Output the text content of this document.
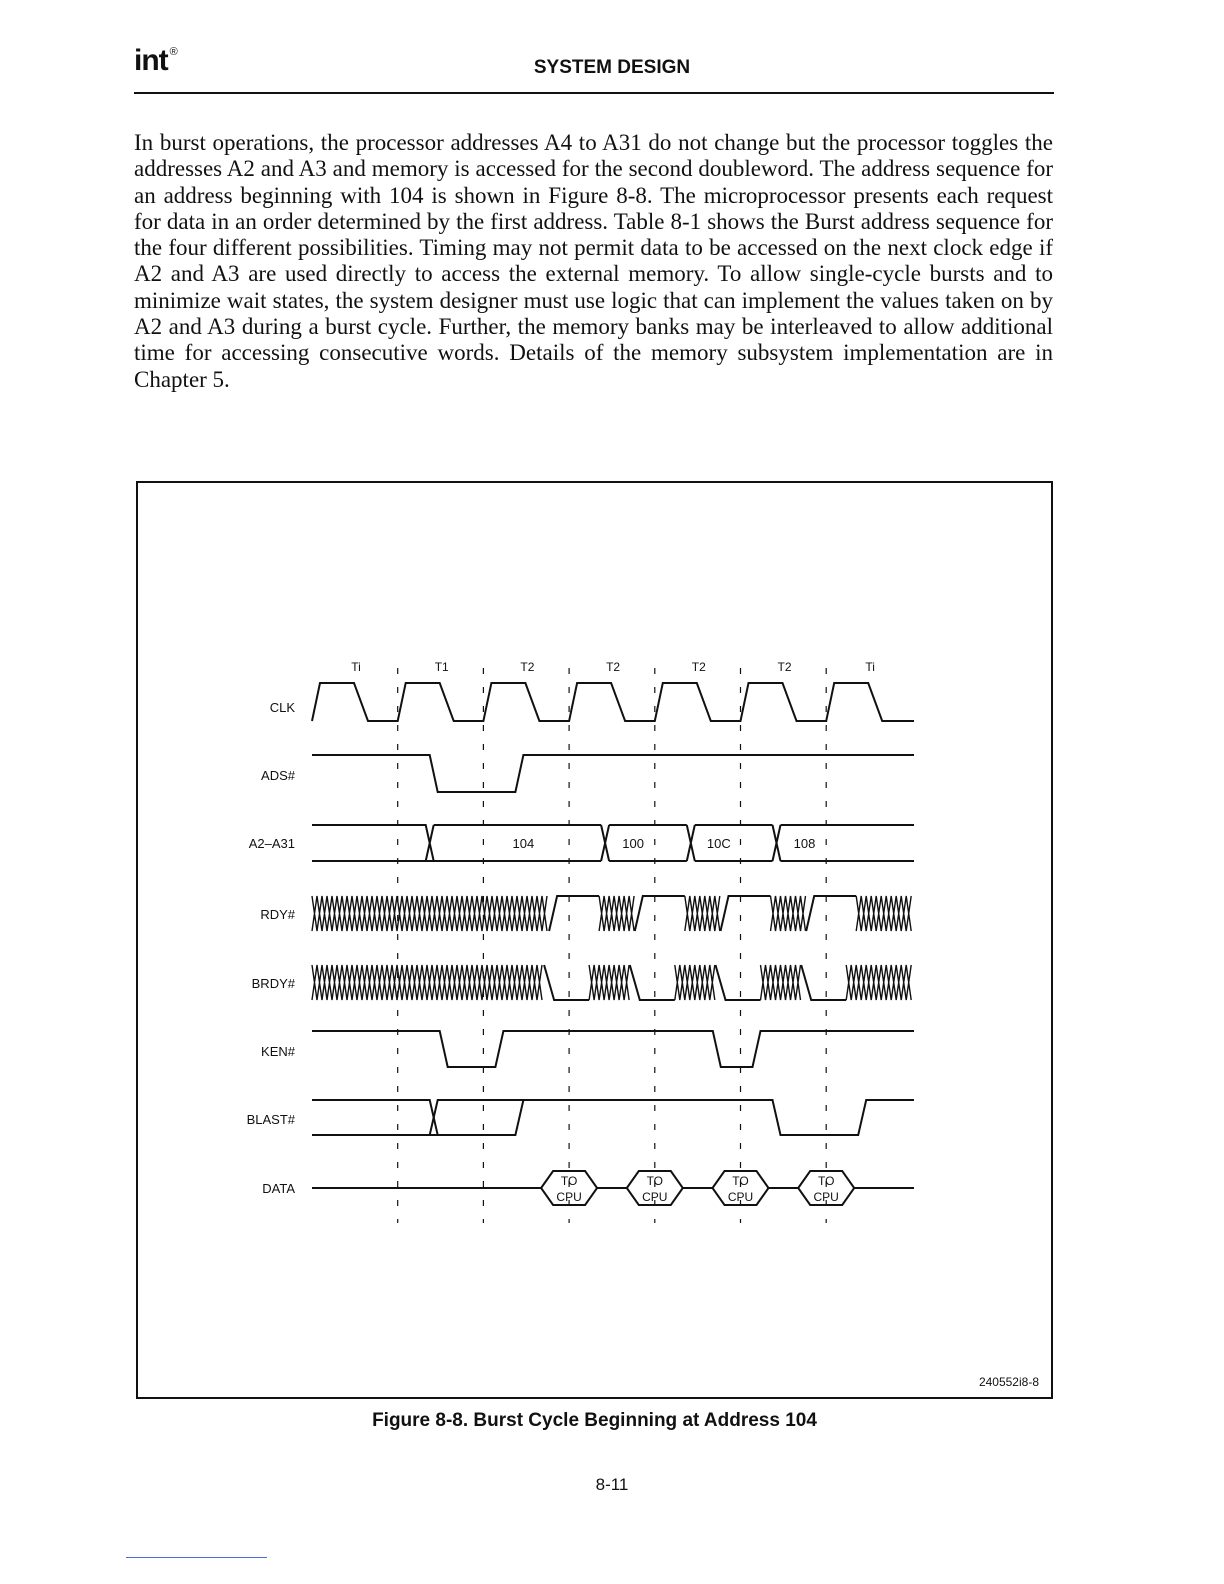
int ®
SYSTEM DESIGN

In burst operations, the processor addresses A4 to A31 do not change but the processor toggles the addresses A2 and A3 and memory is accessed for the second doubleword. The address sequence for an address beginning with 104 is shown in Figure 8-8. The microprocessor presents each request for data in an order determined by the first address. Table 8-1 shows the Burst address sequence for the four different possibilities. Timing may not permit data to be accessed on the next clock edge if A2 and A3 are used directly to access the external memory. To allow single-cycle bursts and to minimize wait states, the system designer must use logic that can implement the values taken on by A2 and A3 during a burst cycle. Further, the memory banks may be interleaved to allow additional time for accessing consecutive words. Details of the memory subsystem implementation are in Chapter 5.

Ti	T1	T2	T2	T2	T2	Ti
CLK
ADS#
A2–A31
RDY#
BRDY#
KEN#
BLAST#
DATA
104	100	10C	108
TO
CPU
TO
CPU
TO
CPU
TO
CPU
240552i8-8
Figure 8-8. Burst Cycle Beginning at Address 104
8-11
